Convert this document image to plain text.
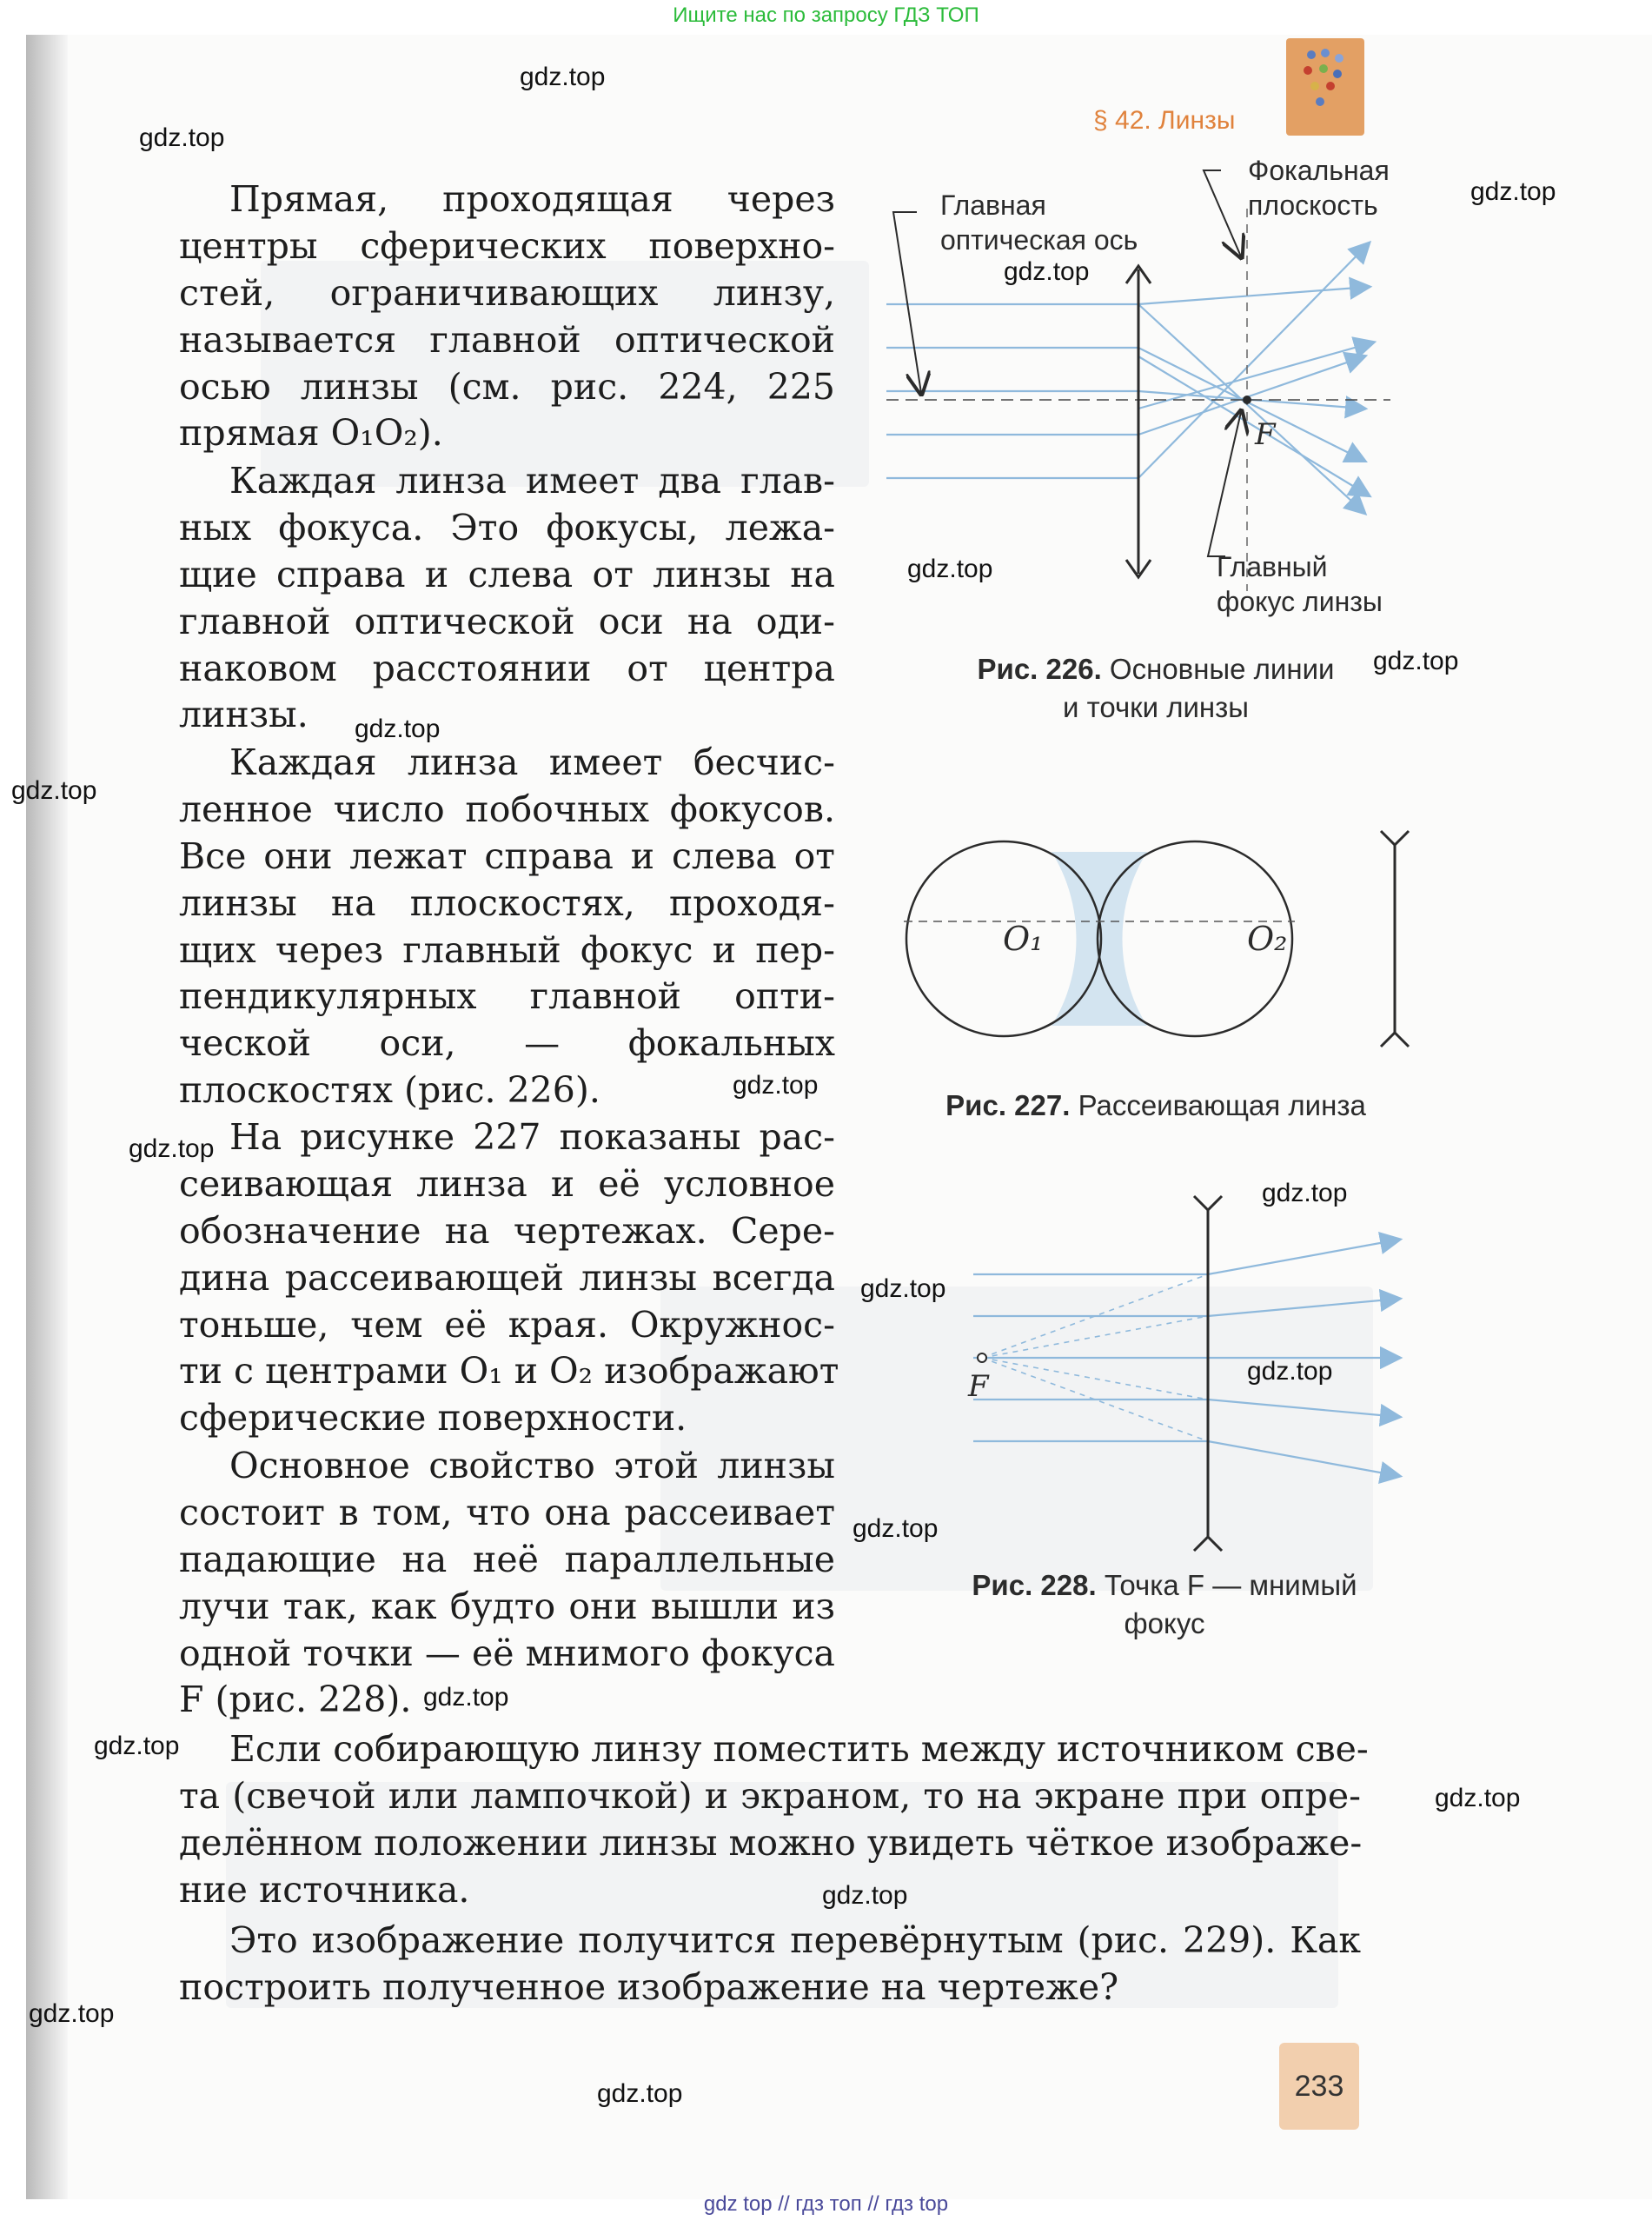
Ищите нас по запросу ГДЗ ТОП
§ 42. Линзы
Прямая, проходящая через
центры сферических поверхно-
стей, ограничивающих линзу,
называется главной оптической
осью линзы (см. рис. 224, 225
прямая O₁O₂).
Каждая линза имеет два глав-
ных фокуса. Это фокусы, лежа-
щие справа и слева от линзы на
главной оптической оси на оди-
наковом расстоянии от центра
линзы.
Каждая линза имеет бесчис-
ленное число побочных фокусов.
Все они лежат справа и слева от
линзы на плоскостях, проходя-
щих через главный фокус и пер-
пендикулярных главной опти-
ческой оси, — фокальных
плоскостях (рис. 226).
На рисунке 227 показаны рас-
сеивающая линза и её условное
обозначение на чертежах. Сере-
дина рассеивающей линзы всегда
тоньше, чем её края. Окружнос-
ти с центрами O₁ и O₂ изображают
сферические поверхности.
Основное свойство этой линзы
состоит в том, что она рассеивает
падающие на неё параллельные
лучи так, как будто они вышли из
одной точки — её мнимого фокуса
F (рис. 228).
Если собирающую линзу поместить между источником све-
та (свечой или лампочкой) и экраном, то на экране при опре-
делённом положении линзы можно увидеть чёткое изображе-
ние источника.
Это изображение получится перевёрнутым (рис. 229). Как
построить полученное изображение на чертеже?
F
Главная
оптическая ось
Фокальная
плоскость
Главный
фокус линзы
Рис. 226. Основные линии
и точки линзы
O₁	O₂
Рис. 227. Рассеивающая линза
F
Рис. 228. Точка F — мнимый
фокус
233
gdz.top
gdz.top
gdz.top
gdz.top
gdz.top
gdz.top
gdz.top
gdz.top
gdz.top
gdz.top
gdz.top
gdz.top
gdz.top
gdz.top
gdz.top
gdz.top
gdz.top
gdz.top
gdz.top
gdz.top
gdz top // гдз топ // гдз top
